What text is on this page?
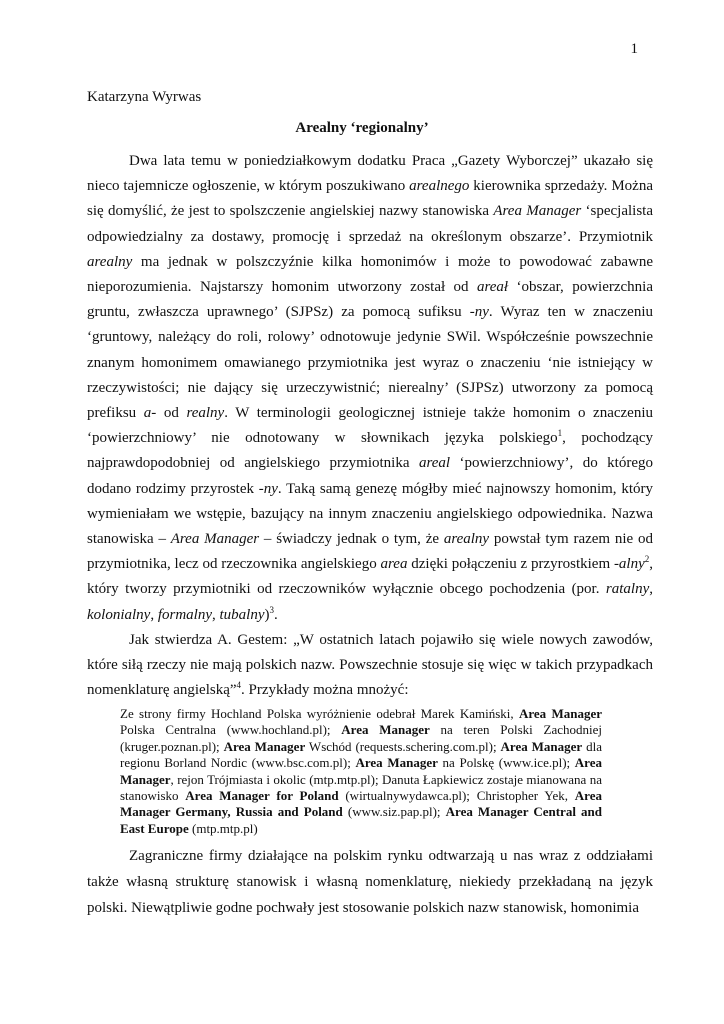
1
Katarzyna Wyrwas
Arealny ‘regionalny’

Dwa lata temu w poniedziałkowym dodatku Praca „Gazety Wyborczej” ukazało się nieco tajemnicze ogłoszenie, w którym poszukiwano arealnego kierownika sprzedaży. Można się domyślić, że jest to spolszczenie angielskiej nazwy stanowiska Area Manager ‘specjalista odpowiedzialny za dostawy, promocję i sprzedaż na określonym obszarze’. Przymiotnik arealny ma jednak w polszczyźnie kilka homonimów i może to powodować zabawne nieporozumienia. Najstarszy homonim utworzony został od areał ‘obszar, powierzchnia gruntu, zwłaszcza uprawnego’ (SJPSz) za pomocą sufiksu -ny. Wyraz ten w znaczeniu ‘gruntowy, należący do roli, rolowy’ odnotowuje jedynie SWil. Współcześnie powszechnie znanym homonimem omawianego przymiotnika jest wyraz o znaczeniu ‘nie istniejący w rzeczywistości; nie dający się urzeczywistnić; nierealny’ (SJPSz) utworzony za pomocą prefiksu a- od realny. W terminologii geologicznej istnieje także homonim o znaczeniu ‘powierzchniowy’ nie odnotowany w słownikach języka polskiego$^1$, pochodzący najprawdopodobniej od angielskiego przymiotnika areal ‘powierzchniowy’, do którego dodano rodzimy przyrostek -ny. Taką samą genezę mógłby mieć najnowszy homonim, który wymieniałam we wstępie, bazujący na innym znaczeniu angielskiego odpowiednika. Nazwa stanowiska – Area Manager – świadczy jednak o tym, że arealny powstał tym razem nie od przymiotnika, lecz od rzeczownika angielskiego area dzięki połączeniu z przyrostkiem -alny$^2$, który tworzy przymiotniki od rzeczowników wyłącznie obcego pochodzenia (por. ratalny, kolonialny, formalny, tubalny)$^3$.

Jak stwierdza A. Gestem: „W ostatnich latach pojawiło się wiele nowych zawodów, które siłą rzeczy nie mają polskich nazw. Powszechnie stosuje się więc w takich przypadkach nomenklaturę angielską”$^4$. Przykłady można mnożyć:

Ze strony firmy Hochland Polska wyróżnienie odebrał Marek Kamiński, Area Manager Polska Centralna (www.hochland.pl); Area Manager na teren Polski Zachodniej (kruger.poznan.pl); Area Manager Wschód (requests.schering.com.pl); Area Manager dla regionu Borland Nordic (www.bsc.com.pl); Area Manager na Polskę (www.ice.pl); Area Manager, rejon Trójmiasta i okolic (mtp.mtp.pl); Danuta Łapkiewicz zostaje mianowana na stanowisko Area Manager for Poland (wirtualnywydawca.pl); Christopher Yek, Area Manager Germany, Russia and Poland (www.siz.pap.pl); Area Manager Central and East Europe (mtp.mtp.pl)

Zagraniczne firmy działające na polskim rynku odtwarzają u nas wraz z oddziałami także własną strukturę stanowisk i własną nomenklaturę, niekiedy przekładaną na język polski. Niewątpliwie godne pochwały jest stosowanie polskich nazw stanowisk, homonimia
